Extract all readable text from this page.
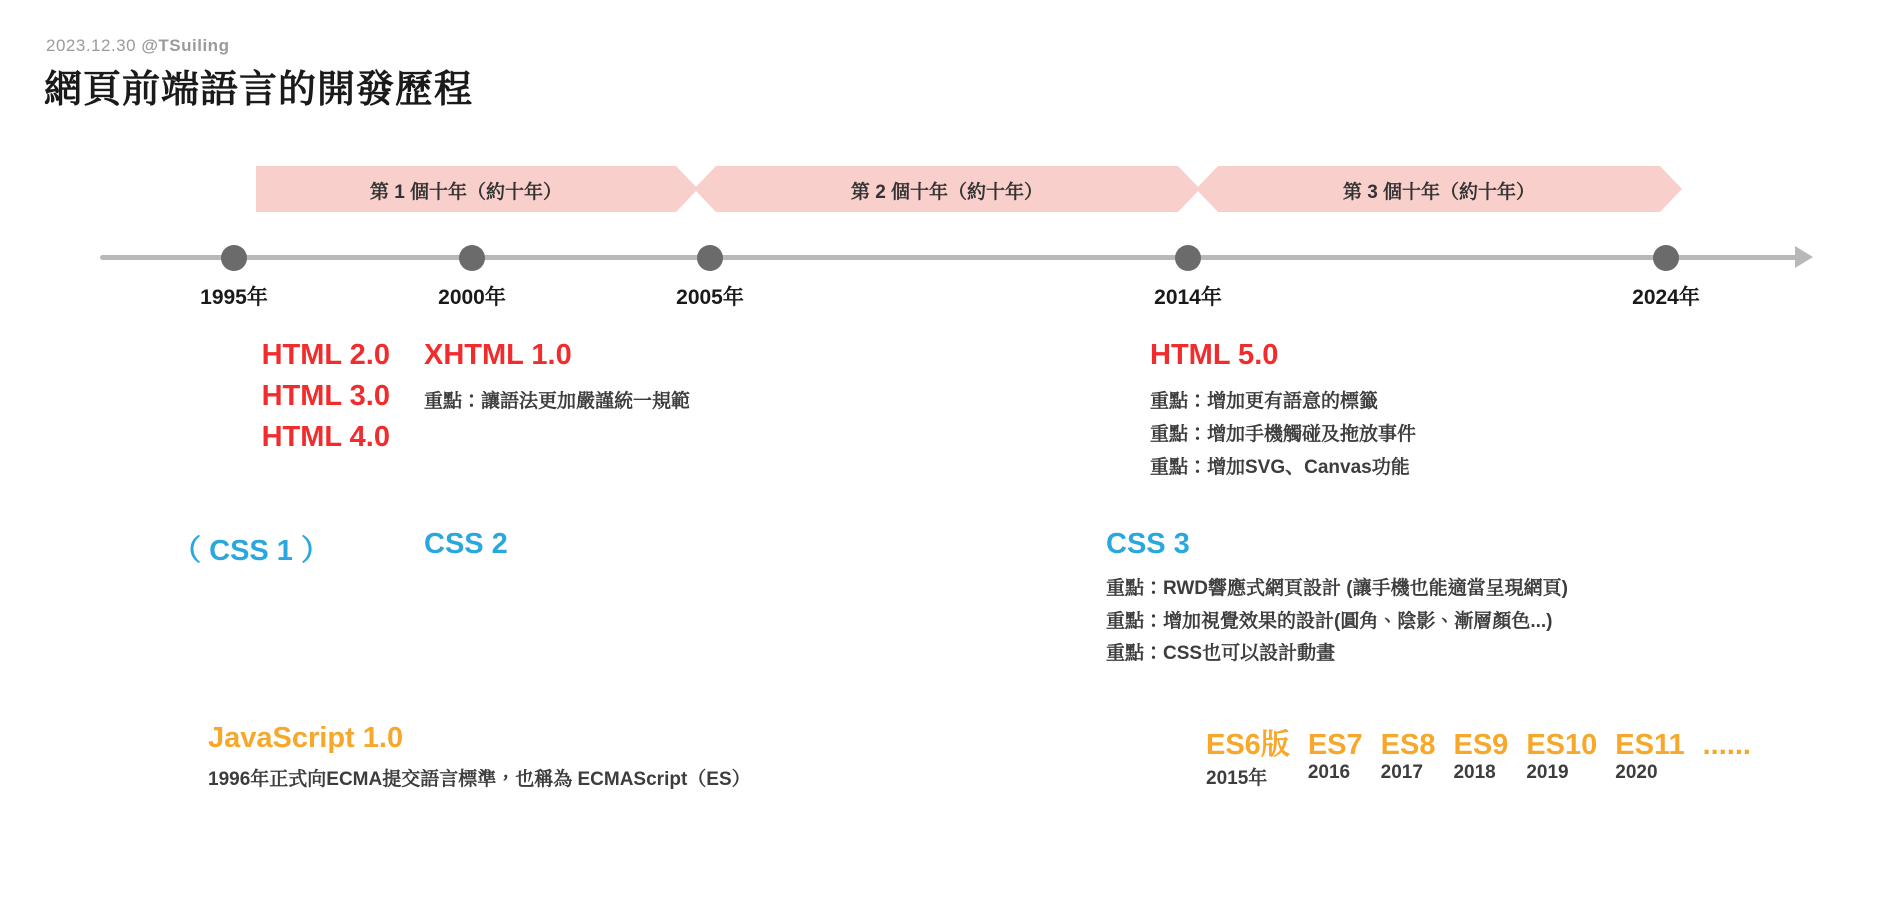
2023.12.30 @TSuiling
網頁前端語言的開發歷程
第 1 個十年（約十年）	第 2 個十年（約十年）	第 3 個十年（約十年）
1995年	2000年	2005年	2014年	2024年
HTML 2.0
HTML 3.0
HTML 4.0
XHTML 1.0
重點：讓語法更加嚴謹統一規範
HTML 5.0
重點：增加更有語意的標籤
重點：增加手機觸碰及拖放事件
重點：增加SVG、Canvas功能
（ CSS 1 ）	CSS 2	CSS 3
重點：RWD響應式網頁設計 (讓手機也能適當呈現網頁)
重點：增加視覺效果的設計(圓角、陰影、漸層顏色...)
重點：CSS也可以設計動畫
JavaScript 1.0
1996年正式向ECMA提交語言標準，也稱為 ECMAScript（ES）
ES6版
2015年
ES7
2016
ES8
2017
ES9
2018
ES10
2019
ES11
2020
......
